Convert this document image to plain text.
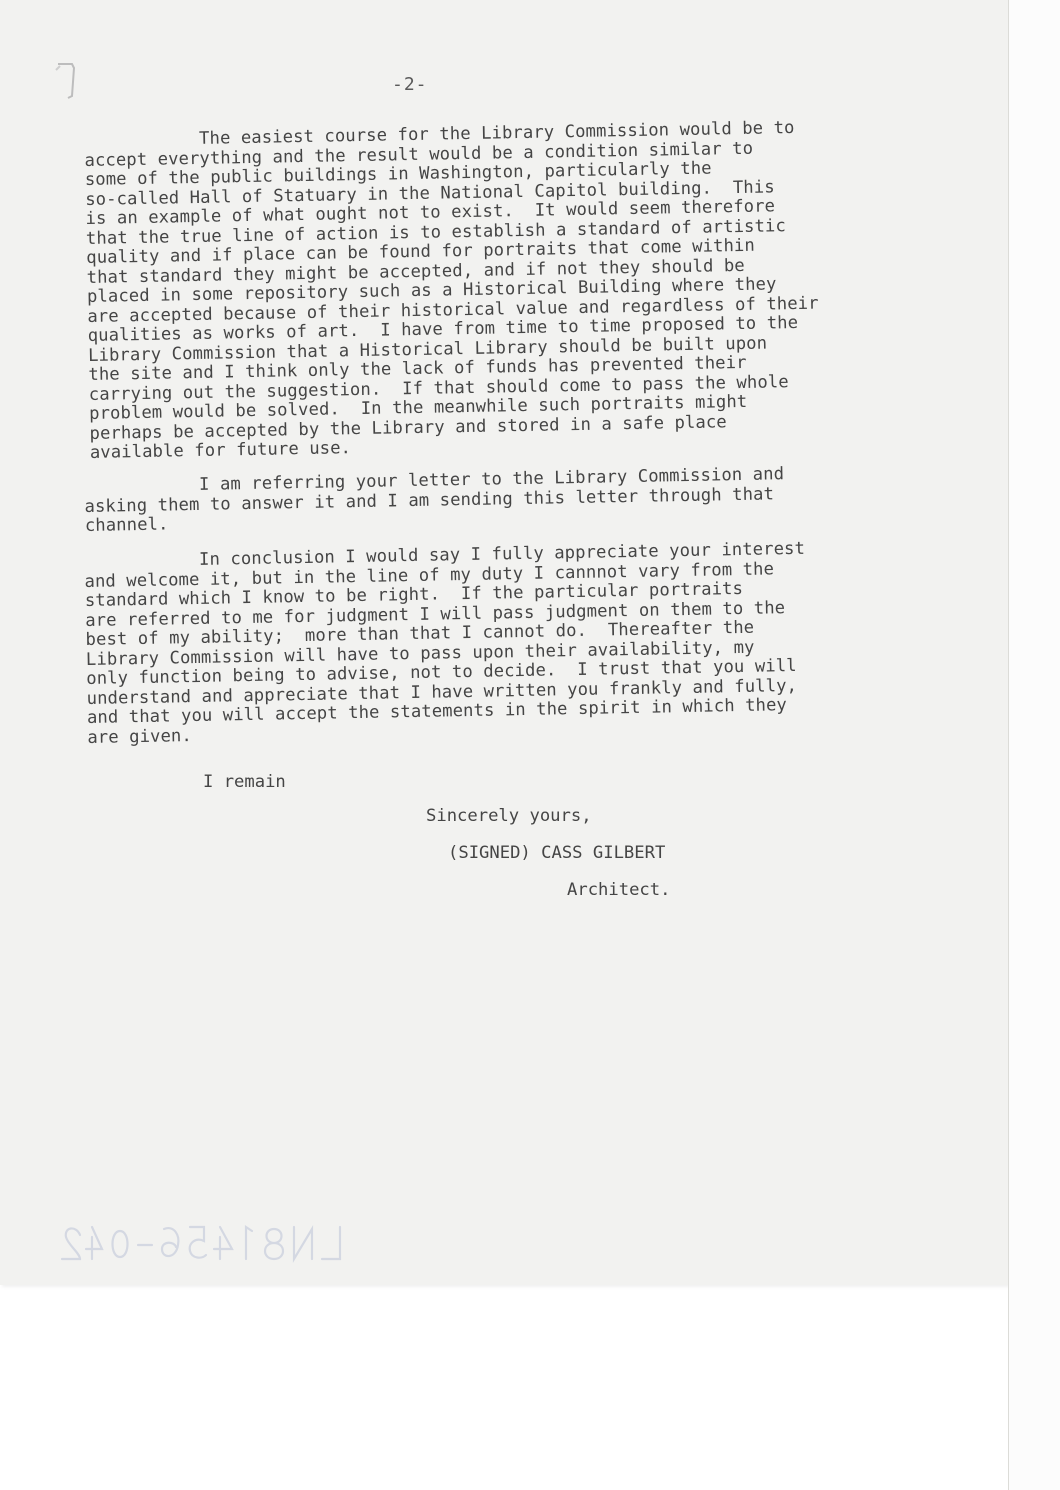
-2-
The easiest course for the Library Commission would be to
accept everything and the result would be a condition similar to
some of the public buildings in Washington, particularly the
so-called Hall of Statuary in the National Capitol building.  This
is an example of what ought not to exist.  It would seem therefore
that the true line of action is to establish a standard of artistic
quality and if place can be found for portraits that come within
that standard they might be accepted, and if not they should be
placed in some repository such as a Historical Building where they
are accepted because of their historical value and regardless of their
qualities as works of art.  I have from time to time proposed to the
Library Commission that a Historical Library should be built upon
the site and I think only the lack of funds has prevented their
carrying out the suggestion.  If that should come to pass the whole
problem would be solved.  In the meanwhile such portraits might
perhaps be accepted by the Library and stored in a safe place
available for future use.
I am referring your letter to the Library Commission and
asking them to answer it and I am sending this letter through that
channel.
In conclusion I would say I fully appreciate your interest
and welcome it, but in the line of my duty I cannnot vary from the
standard which I know to be right.  If the particular portraits
are referred to me for judgment I will pass judgment on them to the
best of my ability;  more than that I cannot do.  Thereafter the
Library Commission will have to pass upon their availability, my
only function being to advise, not to decide.  I trust that you will
understand and appreciate that I have written you frankly and fully,
and that you will accept the statements in the spirit in which they
are given.
I remain
Sincerely yours,
(SIGNED) CASS GILBERT
Architect.
